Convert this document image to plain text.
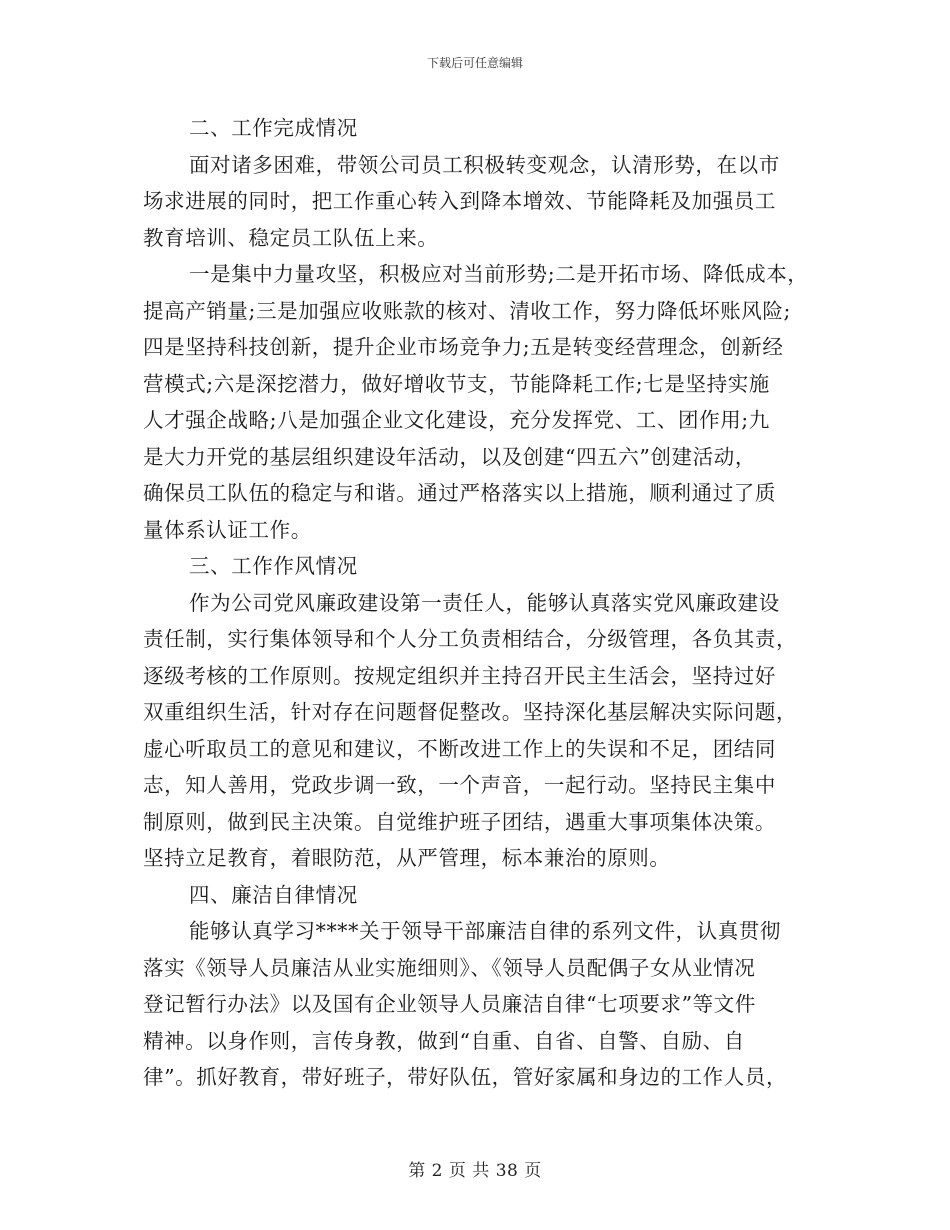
下载后可任意编辑
二、工作完成情况
面对诸多困难，带领公司员工积极转变观念，认清形势，在以市
场求进展的同时，把工作重心转入到降本增效、节能降耗及加强员工
教育培训、稳定员工队伍上来。
一是集中力量攻坚，积极应对当前形势;二是开拓市场、降低成本，
提高产销量;三是加强应收账款的核对、清收工作，努力降低坏账风险;
四是坚持科技创新，提升企业市场竞争力;五是转变经营理念，创新经
营模式;六是深挖潜力，做好增收节支，节能降耗工作;七是坚持实施
人才强企战略;八是加强企业文化建设，充分发挥党、工、团作用;九
是大力开党的基层组织建设年活动，以及创建“四五六”创建活动，
确保员工队伍的稳定与和谐。通过严格落实以上措施，顺利通过了质
量体系认证工作。
三、工作作风情况
作为公司党风廉政建设第一责任人，能够认真落实党风廉政建设
责任制，实行集体领导和个人分工负责相结合，分级管理，各负其责，
逐级考核的工作原则。按规定组织并主持召开民主生活会，坚持过好
双重组织生活，针对存在问题督促整改。坚持深化基层解决实际问题，
虚心听取员工的意见和建议，不断改进工作上的失误和不足，团结同
志，知人善用，党政步调一致，一个声音，一起行动。坚持民主集中
制原则，做到民主决策。自觉维护班子团结，遇重大事项集体决策。
坚持立足教育，着眼防范，从严管理，标本兼治的原则。
四、廉洁自律情况
能够认真学习****关于领导干部廉洁自律的系列文件，认真贯彻
落实《领导人员廉洁从业实施细则》、《领导人员配偶子女从业情况
登记暂行办法》以及国有企业领导人员廉洁自律“七项要求”等文件
精神。以身作则，言传身教，做到“自重、自省、自警、自励、自
律”。抓好教育，带好班子，带好队伍，管好家属和身边的工作人员，
第 2 页 共 38 页
